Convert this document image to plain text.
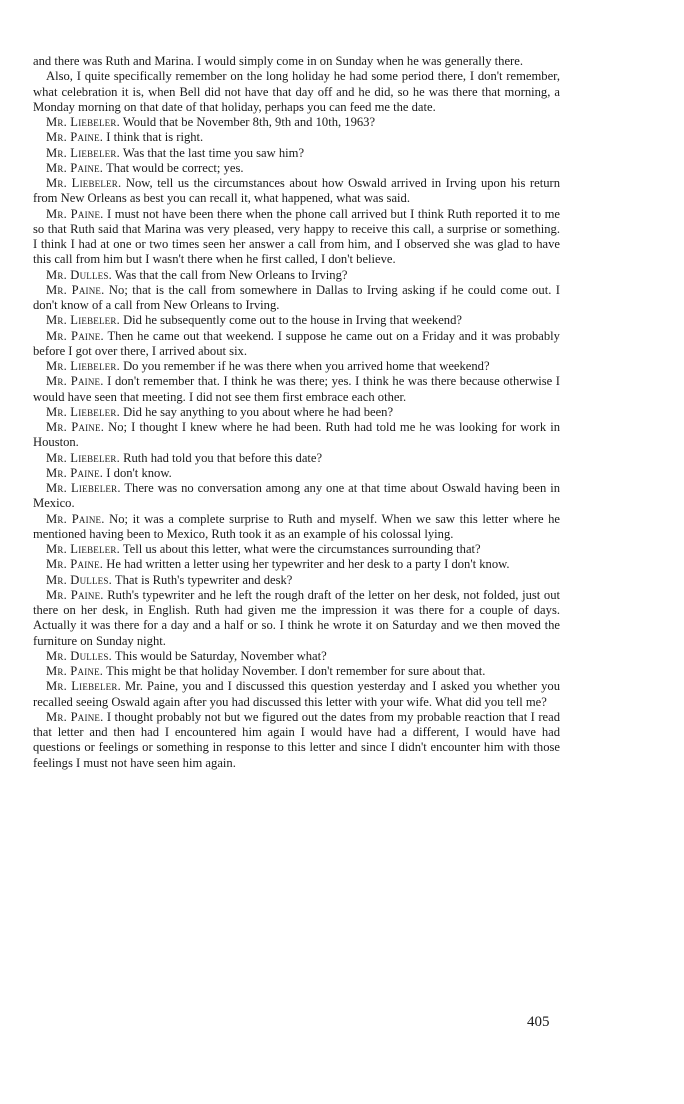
and there was Ruth and Marina. I would simply come in on Sunday when he was generally there.

Also, I quite specifically remember on the long holiday he had some period there, I don't remember, what celebration it is, when Bell did not have that day off and he did, so he was there that morning, a Monday morning on that date of that holiday, perhaps you can feed me the date.

Mr. Liebeler. Would that be November 8th, 9th and 10th, 1963?

Mr. Paine. I think that is right.

Mr. Liebeler. Was that the last time you saw him?

Mr. Paine. That would be correct; yes.

Mr. Liebeler. Now, tell us the circumstances about how Oswald arrived in Irving upon his return from New Orleans as best you can recall it, what happened, what was said.

Mr. Paine. I must not have been there when the phone call arrived but I think Ruth reported it to me so that Ruth said that Marina was very pleased, very happy to receive this call, a surprise or something. I think I had at one or two times seen her answer a call from him, and I observed she was glad to have this call from him but I wasn't there when he first called, I don't believe.

Mr. Dulles. Was that the call from New Orleans to Irving?

Mr. Paine. No; that is the call from somewhere in Dallas to Irving asking if he could come out. I don't know of a call from New Orleans to Irving.

Mr. Liebeler. Did he subsequently come out to the house in Irving that weekend?

Mr. Paine. Then he came out that weekend. I suppose he came out on a Friday and it was probably before I got over there, I arrived about six.

Mr. Liebeler. Do you remember if he was there when you arrived home that weekend?

Mr. Paine. I don't remember that. I think he was there; yes. I think he was there because otherwise I would have seen that meeting. I did not see them first embrace each other.

Mr. Liebeler. Did he say anything to you about where he had been?

Mr. Paine. No; I thought I knew where he had been. Ruth had told me he was looking for work in Houston.

Mr. Liebeler. Ruth had told you that before this date?

Mr. Paine. I don't know.

Mr. Liebeler. There was no conversation among any one at that time about Oswald having been in Mexico.

Mr. Paine. No; it was a complete surprise to Ruth and myself. When we saw this letter where he mentioned having been to Mexico, Ruth took it as an example of his colossal lying.

Mr. Liebeler. Tell us about this letter, what were the circumstances surrounding that?

Mr. Paine. He had written a letter using her typewriter and her desk to a party I don't know.

Mr. Dulles. That is Ruth's typewriter and desk?

Mr. Paine. Ruth's typewriter and he left the rough draft of the letter on her desk, not folded, just out there on her desk, in English. Ruth had given me the impression it was there for a couple of days. Actually it was there for a day and a half or so. I think he wrote it on Saturday and we then moved the furniture on Sunday night.

Mr. Dulles. This would be Saturday, November what?

Mr. Paine. This might be that holiday November. I don't remember for sure about that.

Mr. Liebeler. Mr. Paine, you and I discussed this question yesterday and I asked you whether you recalled seeing Oswald again after you had discussed this letter with your wife. What did you tell me?

Mr. Paine. I thought probably not but we figured out the dates from my probable reaction that I read that letter and then had I encountered him again I would have had a different, I would have had questions or feelings or something in response to this letter and since I didn't encounter him with those feelings I must not have seen him again.

405
